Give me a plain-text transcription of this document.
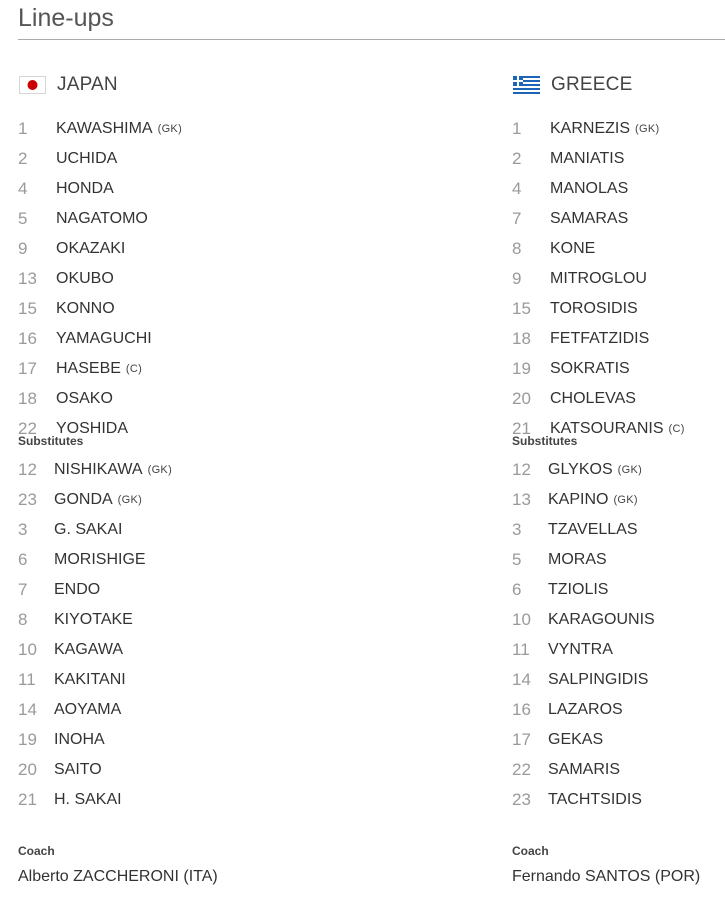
Line-ups
JAPAN
1	KAWASHIMA (GK)
2	UCHIDA
4	HONDA
5	NAGATOMO
9	OKAZAKI
13	OKUBO
15	KONNO
16	YAMAGUCHI
17	HASEBE (C)
18	OSAKO
22	YOSHIDA
Substitutes
12	NISHIKAWA (GK)
23	GONDA (GK)
3	G. SAKAI
6	MORISHIGE
7	ENDO
8	KIYOTAKE
10	KAGAWA
11	KAKITANI
14	AOYAMA
19	INOHA
20	SAITO
21	H. SAKAI
Coach
Alberto ZACCHERONI (ITA)
GREECE
1	KARNEZIS (GK)
2	MANIATIS
4	MANOLAS
7	SAMARAS
8	KONE
9	MITROGLOU
15	TOROSIDIS
18	FETFATZIDIS
19	SOKRATIS
20	CHOLEVAS
21	KATSOURANIS (C)
Substitutes
12	GLYKOS (GK)
13	KAPINO (GK)
3	TZAVELLAS
5	MORAS
6	TZIOLIS
10	KARAGOUNIS
11	VYNTRA
14	SALPINGIDIS
16	LAZAROS
17	GEKAS
22	SAMARIS
23	TACHTSIDIS
Coach
Fernando SANTOS (POR)
